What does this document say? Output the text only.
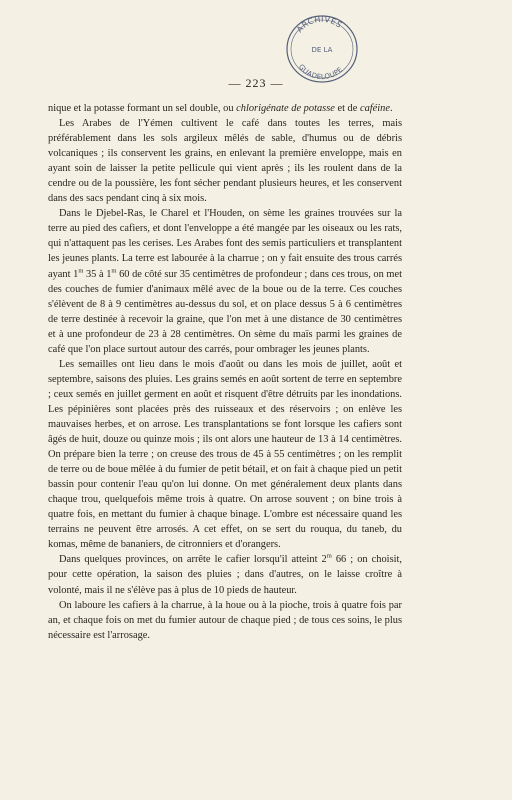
ARCHIVES
DE LA
GUADELOUPE
— 223 —

nique et la potasse formant un sel double, ou chlorigénate de potasse et de caféine.

Les Arabes de l'Yémen cultivent le café dans toutes les terres, mais préférablement dans les sols argileux mêlés de sable, d'humus ou de débris volcaniques ; ils conservent les grains, en enlevant la première enveloppe, mais en ayant soin de laisser la petite pellicule qui vient après ; ils les roulent dans de la cendre ou de la poussière, les font sécher pendant plusieurs heures, et les conservent dans des sacs pendant cinq à six mois.

Dans le Djebel-Ras, le Charel et l'Houden, on sème les graines trouvées sur la terre au pied des cafiers, et dont l'enveloppe a été mangée par les oiseaux ou les rats, qui n'attaquent pas les cerises. Les Arabes font des semis particuliers et transplantent les jeunes plants. La terre est labourée à la charrue ; on y fait ensuite des trous carrés ayant 1$^m$ 35 à 1$^m$ 60 de côté sur 35 centimètres de profondeur ; dans ces trous, on met des couches de fumier d'animaux mêlé avec de la boue ou de la terre. Ces couches s'élèvent de 8 à 9 centimètres au-dessus du sol, et on place dessus 5 à 6 centimètres de terre destinée à recevoir la graine, que l'on met à une distance de 30 centimètres et à une profondeur de 23 à 28 centimètres. On sème du maïs parmi les graines de café que l'on place surtout autour des carrés, pour ombrager les jeunes plants.

Les semailles ont lieu dans le mois d'août ou dans les mois de juillet, août et septembre, saisons des pluies. Les grains semés en août sortent de terre en septembre ; ceux semés en juillet germent en août et risquent d'être détruits par les inondations. Les pépinières sont placées près des ruisseaux et des réservoirs ; on enlève les mauvaises herbes, et on arrose. Les transplantations se font lorsque les cafiers sont âgés de huit, douze ou quinze mois ; ils ont alors une hauteur de 13 à 14 centimètres. On prépare bien la terre ; on creuse des trous de 45 à 55 centimètres ; on les remplit de terre ou de boue mêlée à du fumier de petit bétail, et on fait à chaque pied un petit bassin pour contenir l'eau qu'on lui donne. On met généralement deux plants dans chaque trou, quelquefois même trois à quatre. On arrose souvent ; on bine trois à quatre fois, en mettant du fumier à chaque binage. L'ombre est nécessaire quand les terrains ne peuvent être arrosés. A cet effet, on se sert du rouqua, du taneb, du komas, même de bananiers, de citronniers et d'orangers.

Dans quelques provinces, on arrête le cafier lorsqu'il atteint 2$^m$ 66 ; on choisit, pour cette opération, la saison des pluies ; dans d'autres, on le laisse croître à volonté, mais il ne s'élève pas à plus de 10 pieds de hauteur.

On laboure les cafiers à la charrue, à la houe ou à la pioche, trois à quatre fois par an, et chaque fois on met du fumier autour de chaque pied ; de tous ces soins, le plus nécessaire est l'arrosage.
